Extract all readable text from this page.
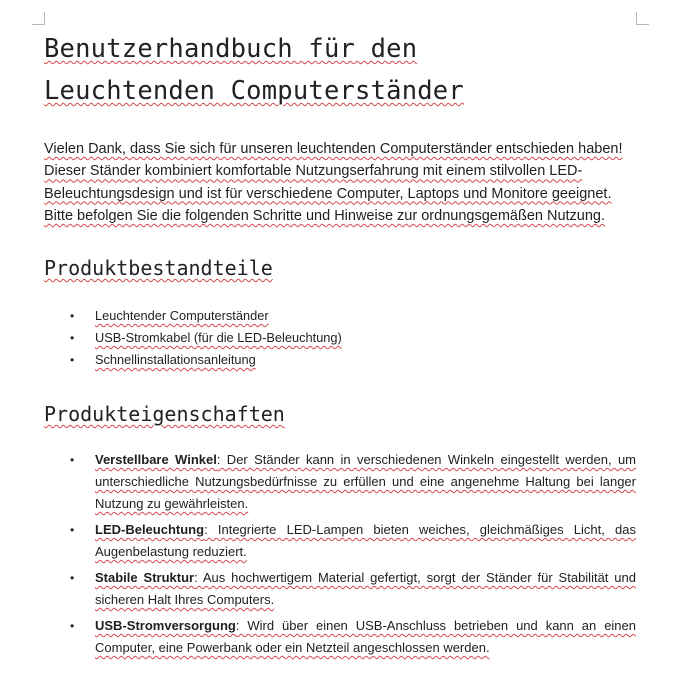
Benutzerhandbuch für den
Leuchtenden Computerständer

Vielen Dank, dass Sie sich für unseren leuchtenden Computerständer entschieden haben! Dieser Ständer kombiniert komfortable Nutzungserfahrung mit einem stilvollen LED-Beleuchtungsdesign und ist für verschiedene Computer, Laptops und Monitore geeignet. Bitte befolgen Sie die folgenden Schritte und Hinweise zur ordnungsgemäßen Nutzung.

Produktbestandteile
• Leuchtender Computerständer
• USB-Stromkabel (für die LED-Beleuchtung)
• Schnellinstallationsanleitung
Produkteigenschaften
• Verstellbare Winkel: Der Ständer kann in verschiedenen Winkeln eingestellt werden, um unterschiedliche Nutzungsbedürfnisse zu erfüllen und eine angenehme Haltung bei langer Nutzung zu gewährleisten.
• LED-Beleuchtung: Integrierte LED-Lampen bieten weiches, gleichmäßiges Licht, das Augenbelastung reduziert.
• Stabile Struktur: Aus hochwertigem Material gefertigt, sorgt der Ständer für Stabilität und sicheren Halt Ihres Computers.
• USB-Stromversorgung: Wird über einen USB-Anschluss betrieben und kann an einen Computer, eine Powerbank oder ein Netzteil angeschlossen werden.
